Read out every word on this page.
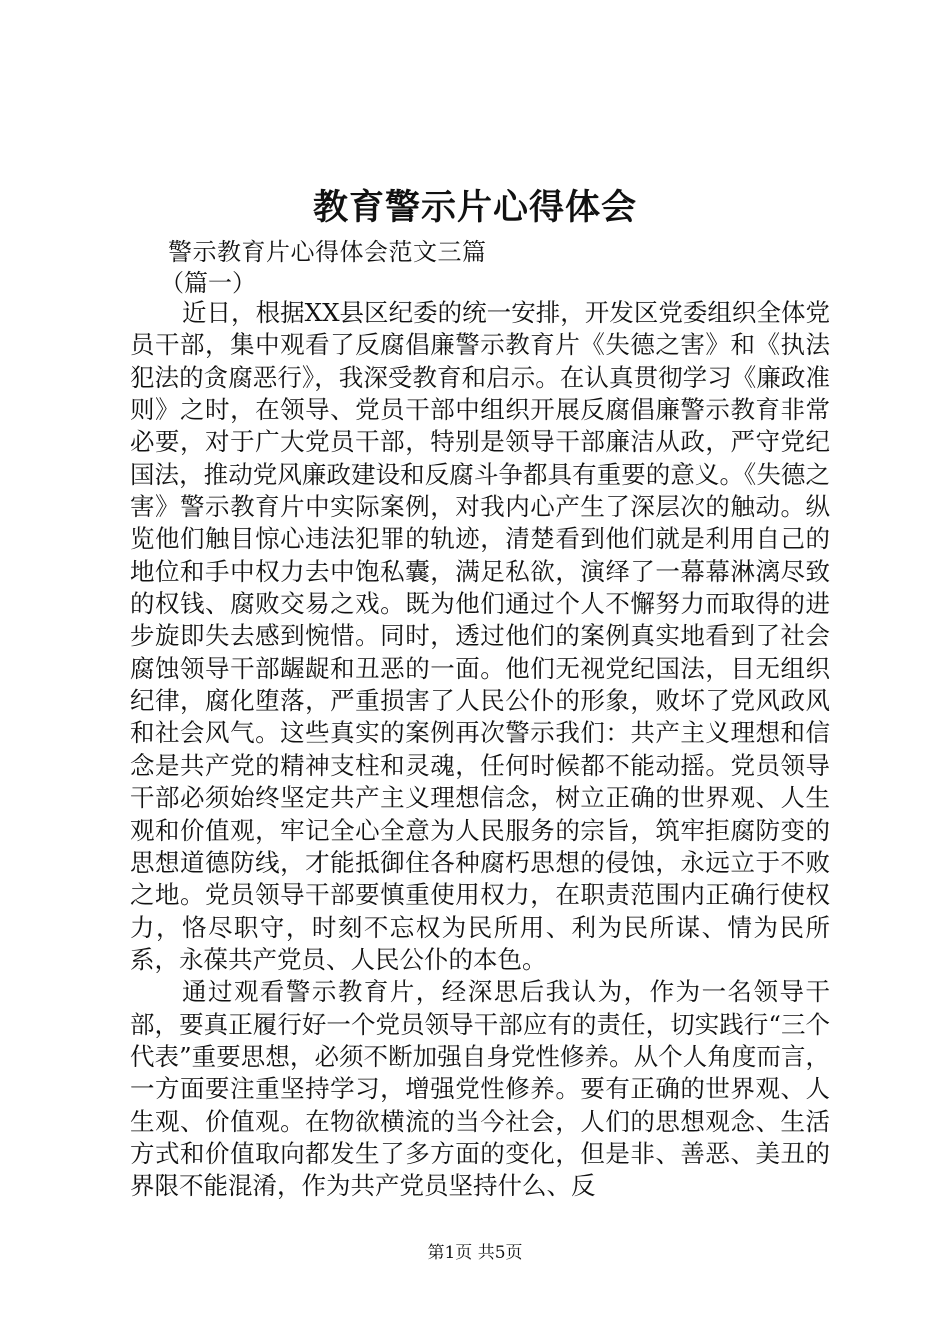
教育警示片心得体会
警示教育片心得体会范文三篇
（篇一）

近日，根据XX县区纪委的统一安排，开发区党委组织全体党员干部，集中观看了反腐倡廉警示教育片《失德之害》和《执法犯法的贪腐恶行》，我深受教育和启示。在认真贯彻学习《廉政准则》之时，在领导、党员干部中组织开展反腐倡廉警示教育非常必要，对于广大党员干部，特别是领导干部廉洁从政，严守党纪国法，推动党风廉政建设和反腐斗争都具有重要的意义。《失德之害》警示教育片中实际案例，对我内心产生了深层次的触动。纵览他们触目惊心违法犯罪的轨迹，清楚看到他们就是利用自己的地位和手中权力去中饱私囊，满足私欲，演绎了一幕幕淋漓尽致的权钱、腐败交易之戏。既为他们通过个人不懈努力而取得的进步旋即失去感到惋惜。同时，透过他们的案例真实地看到了社会腐蚀领导干部龌龊和丑恶的一面。他们无视党纪国法，目无组织纪律，腐化堕落，严重损害了人民公仆的形象，败坏了党风政风和社会风气。这些真实的案例再次警示我们：共产主义理想和信念是共产党的精神支柱和灵魂，任何时候都不能动摇。党员领导干部必须始终坚定共产主义理想信念，树立正确的世界观、人生观和价值观，牢记全心全意为人民服务的宗旨，筑牢拒腐防变的思想道德防线，才能抵御住各种腐朽思想的侵蚀，永远立于不败之地。党员领导干部要慎重使用权力，在职责范围内正确行使权力，恪尽职守，时刻不忘权为民所用、利为民所谋、情为民所系，永葆共产党员、人民公仆的本色。

通过观看警示教育片，经深思后我认为，作为一名领导干部，要真正履行好一个党员领导干部应有的责任，切实践行“三个代表”重要思想，必须不断加强自身党性修养。从个人角度而言，一方面要注重坚持学习，增强党性修养。要有正确的世界观、人生观、价值观。在物欲横流的当今社会，人们的思想观念、生活方式和价值取向都发生了多方面的变化，但是非、善恶、美丑的界限不能混淆，作为共产党员坚持什么、反

第1页 共5页
